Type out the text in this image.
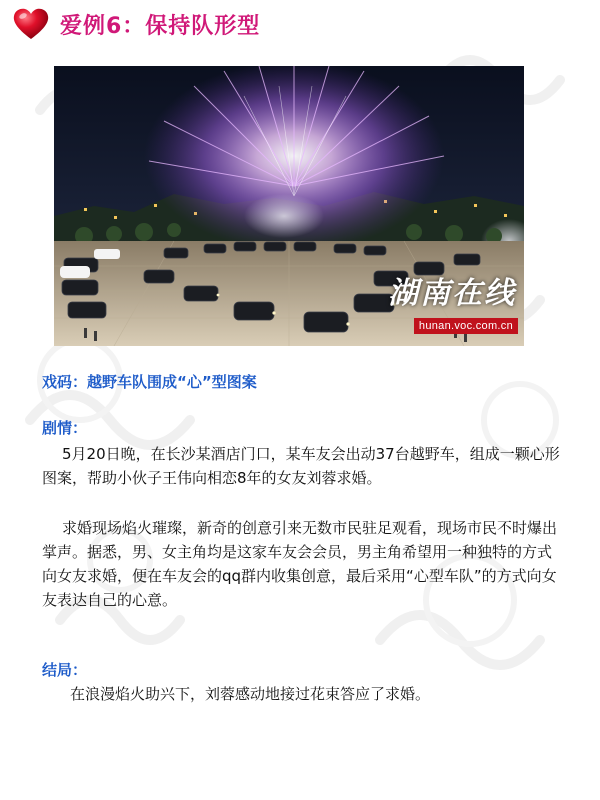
爱例6：保持队形型
湖南在线
hunan.voc.com.cn
戏码：越野车队围成“心”型图案
剧情：

5月20日晚，在长沙某酒店门口，某车友会出动37台越野车，组成一颗心形图案，帮助小伙子王伟向相恋8年的女友刘蓉求婚。

求婚现场焰火璀璨，新奇的创意引来无数市民驻足观看，现场市民不时爆出掌声。据悉，男、女主角均是这家车友会会员，男主角希望用一种独特的方式向女友求婚，便在车友会的qq群内收集创意，最后采用“心型车队”的方式向女友表达自己的心意。

结局：

在浪漫焰火助兴下，刘蓉感动地接过花束答应了求婚。
